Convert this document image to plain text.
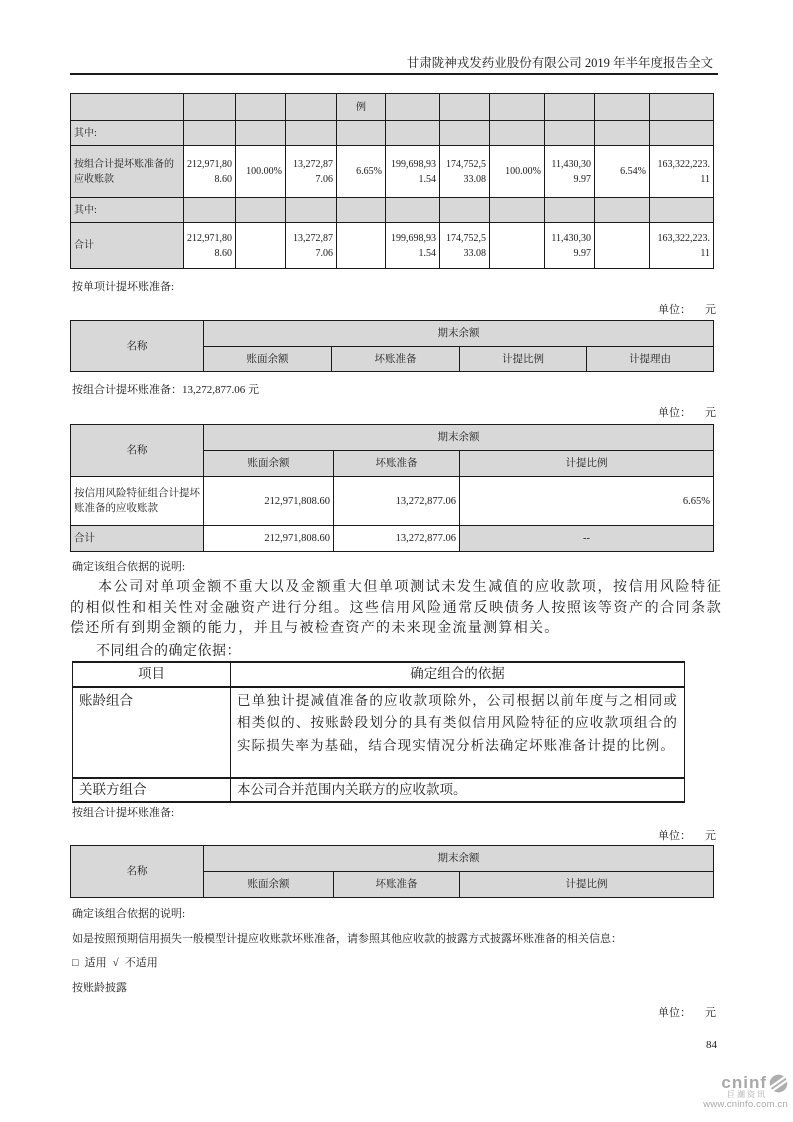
甘肃陇神戎发药业股份有限公司 2019 年半年度报告全文
				例						
其中:										
按组合计提坏账准备的应收账款	212,971,808.60	100.00%	13,272,877.06	6.65%	199,698,931.54	174,752,533.08	100.00%	11,430,309.97	6.54%	163,322,223.11
其中:										
合计	212,971,808.60		13,272,877.06		199,698,931.54	174,752,533.08		11,430,309.97		163,322,223.11
按单项计提坏账准备:
单位： 元
名称	期末余额			
	账面余额	坏账准备	计提比例	计提理由
按组合计提坏账准备：13,272,877.06 元
单位： 元
名称	期末余额		
	账面余额	坏账准备	计提比例
按信用风险特征组合计提坏账准备的应收账款	212,971,808.60	13,272,877.06	6.65%
合计	212,971,808.60	13,272,877.06	--
确定该组合依据的说明:
本公司对单项金额不重大以及金额重大但单项测试未发生减值的应收款项，按信用风险特征的相似性和相关性对金融资产进行分组。这些信用风险通常反映债务人按照该等资产的合同条款偿还所有到期金额的能力，并且与被检查资产的未来现金流量测算相关。
不同组合的确定依据：
项目	确定组合的依据
账龄组合	已单独计提减值准备的应收款项除外，公司根据以前年度与之相同或相类似的、按账龄段划分的具有类似信用风险特征的应收款项组合的实际损失率为基础，结合现实情况分析法确定坏账准备计提的比例。
关联方组合	本公司合并范围内关联方的应收款项。
按组合计提坏账准备:
单位： 元
名称	期末余额		
	账面余额	坏账准备	计提比例
确定该组合依据的说明:
如是按照预期信用损失一般模型计提应收账款坏账准备，请参照其他应收款的披露方式披露坏账准备的相关信息：
□ 适用 √ 不适用
按账龄披露
单位： 元
84
cninf
巨潮资讯
www.cninfo.com.cn
